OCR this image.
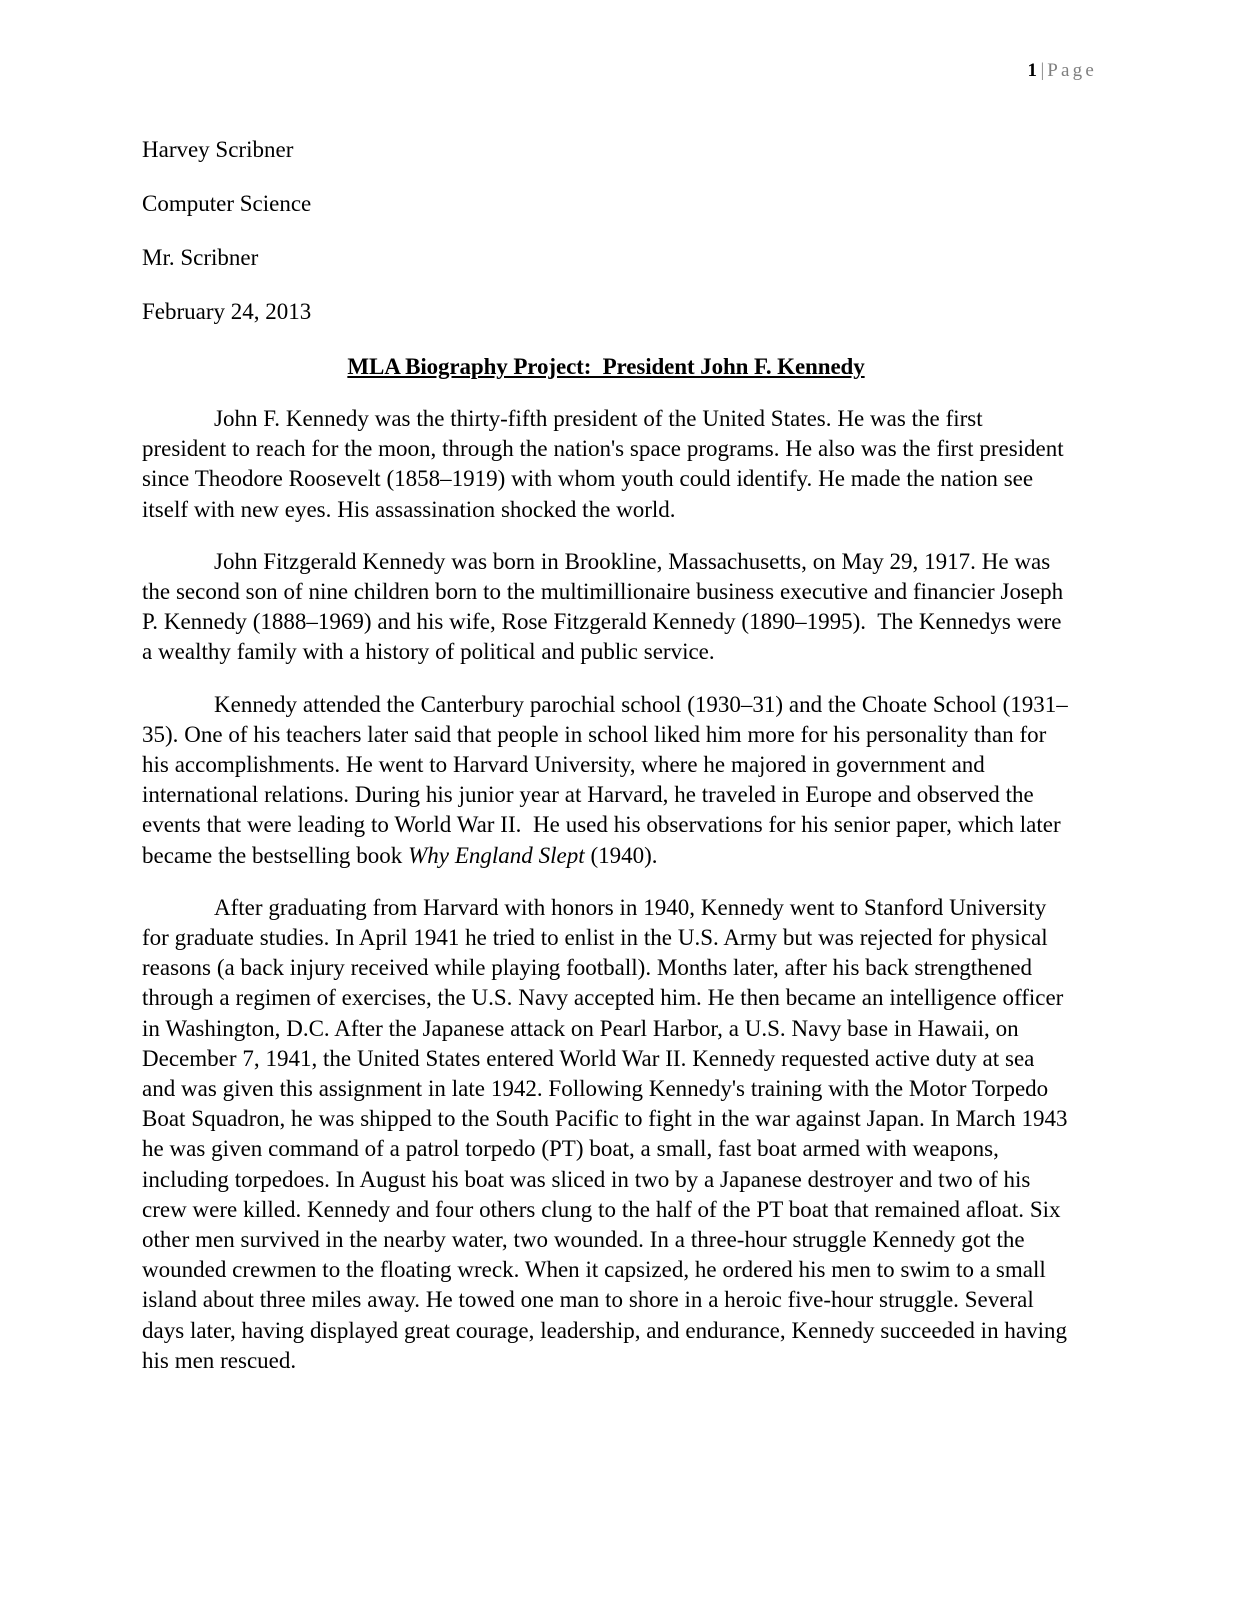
1 | Page
Harvey Scribner
Computer Science
Mr. Scribner
February 24, 2013
MLA Biography Project:  President John F. Kennedy

John F. Kennedy was the thirty-fifth president of the United States. He was the first president to reach for the moon, through the nation's space programs. He also was the first president since Theodore Roosevelt (1858–1919) with whom youth could identify. He made the nation see itself with new eyes. His assassination shocked the world.

John Fitzgerald Kennedy was born in Brookline, Massachusetts, on May 29, 1917. He was the second son of nine children born to the multimillionaire business executive and financier Joseph P. Kennedy (1888–1969) and his wife, Rose Fitzgerald Kennedy (1890–1995).  The Kennedys were a wealthy family with a history of political and public service.

Kennedy attended the Canterbury parochial school (1930–31) and the Choate School (1931–35). One of his teachers later said that people in school liked him more for his personality than for his accomplishments. He went to Harvard University, where he majored in government and international relations. During his junior year at Harvard, he traveled in Europe and observed the events that were leading to World War II.  He used his observations for his senior paper, which later became the bestselling book Why England Slept (1940).

After graduating from Harvard with honors in 1940, Kennedy went to Stanford University for graduate studies. In April 1941 he tried to enlist in the U.S. Army but was rejected for physical reasons (a back injury received while playing football). Months later, after his back strengthened through a regimen of exercises, the U.S. Navy accepted him. He then became an intelligence officer in Washington, D.C. After the Japanese attack on Pearl Harbor, a U.S. Navy base in Hawaii, on December 7, 1941, the United States entered World War II. Kennedy requested active duty at sea and was given this assignment in late 1942. Following Kennedy's training with the Motor Torpedo Boat Squadron, he was shipped to the South Pacific to fight in the war against Japan. In March 1943 he was given command of a patrol torpedo (PT) boat, a small, fast boat armed with weapons, including torpedoes. In August his boat was sliced in two by a Japanese destroyer and two of his crew were killed. Kennedy and four others clung to the half of the PT boat that remained afloat. Six other men survived in the nearby water, two wounded. In a three-hour struggle Kennedy got the wounded crewmen to the floating wreck. When it capsized, he ordered his men to swim to a small island about three miles away. He towed one man to shore in a heroic five-hour struggle. Several days later, having displayed great courage, leadership, and endurance, Kennedy succeeded in having his men rescued.
